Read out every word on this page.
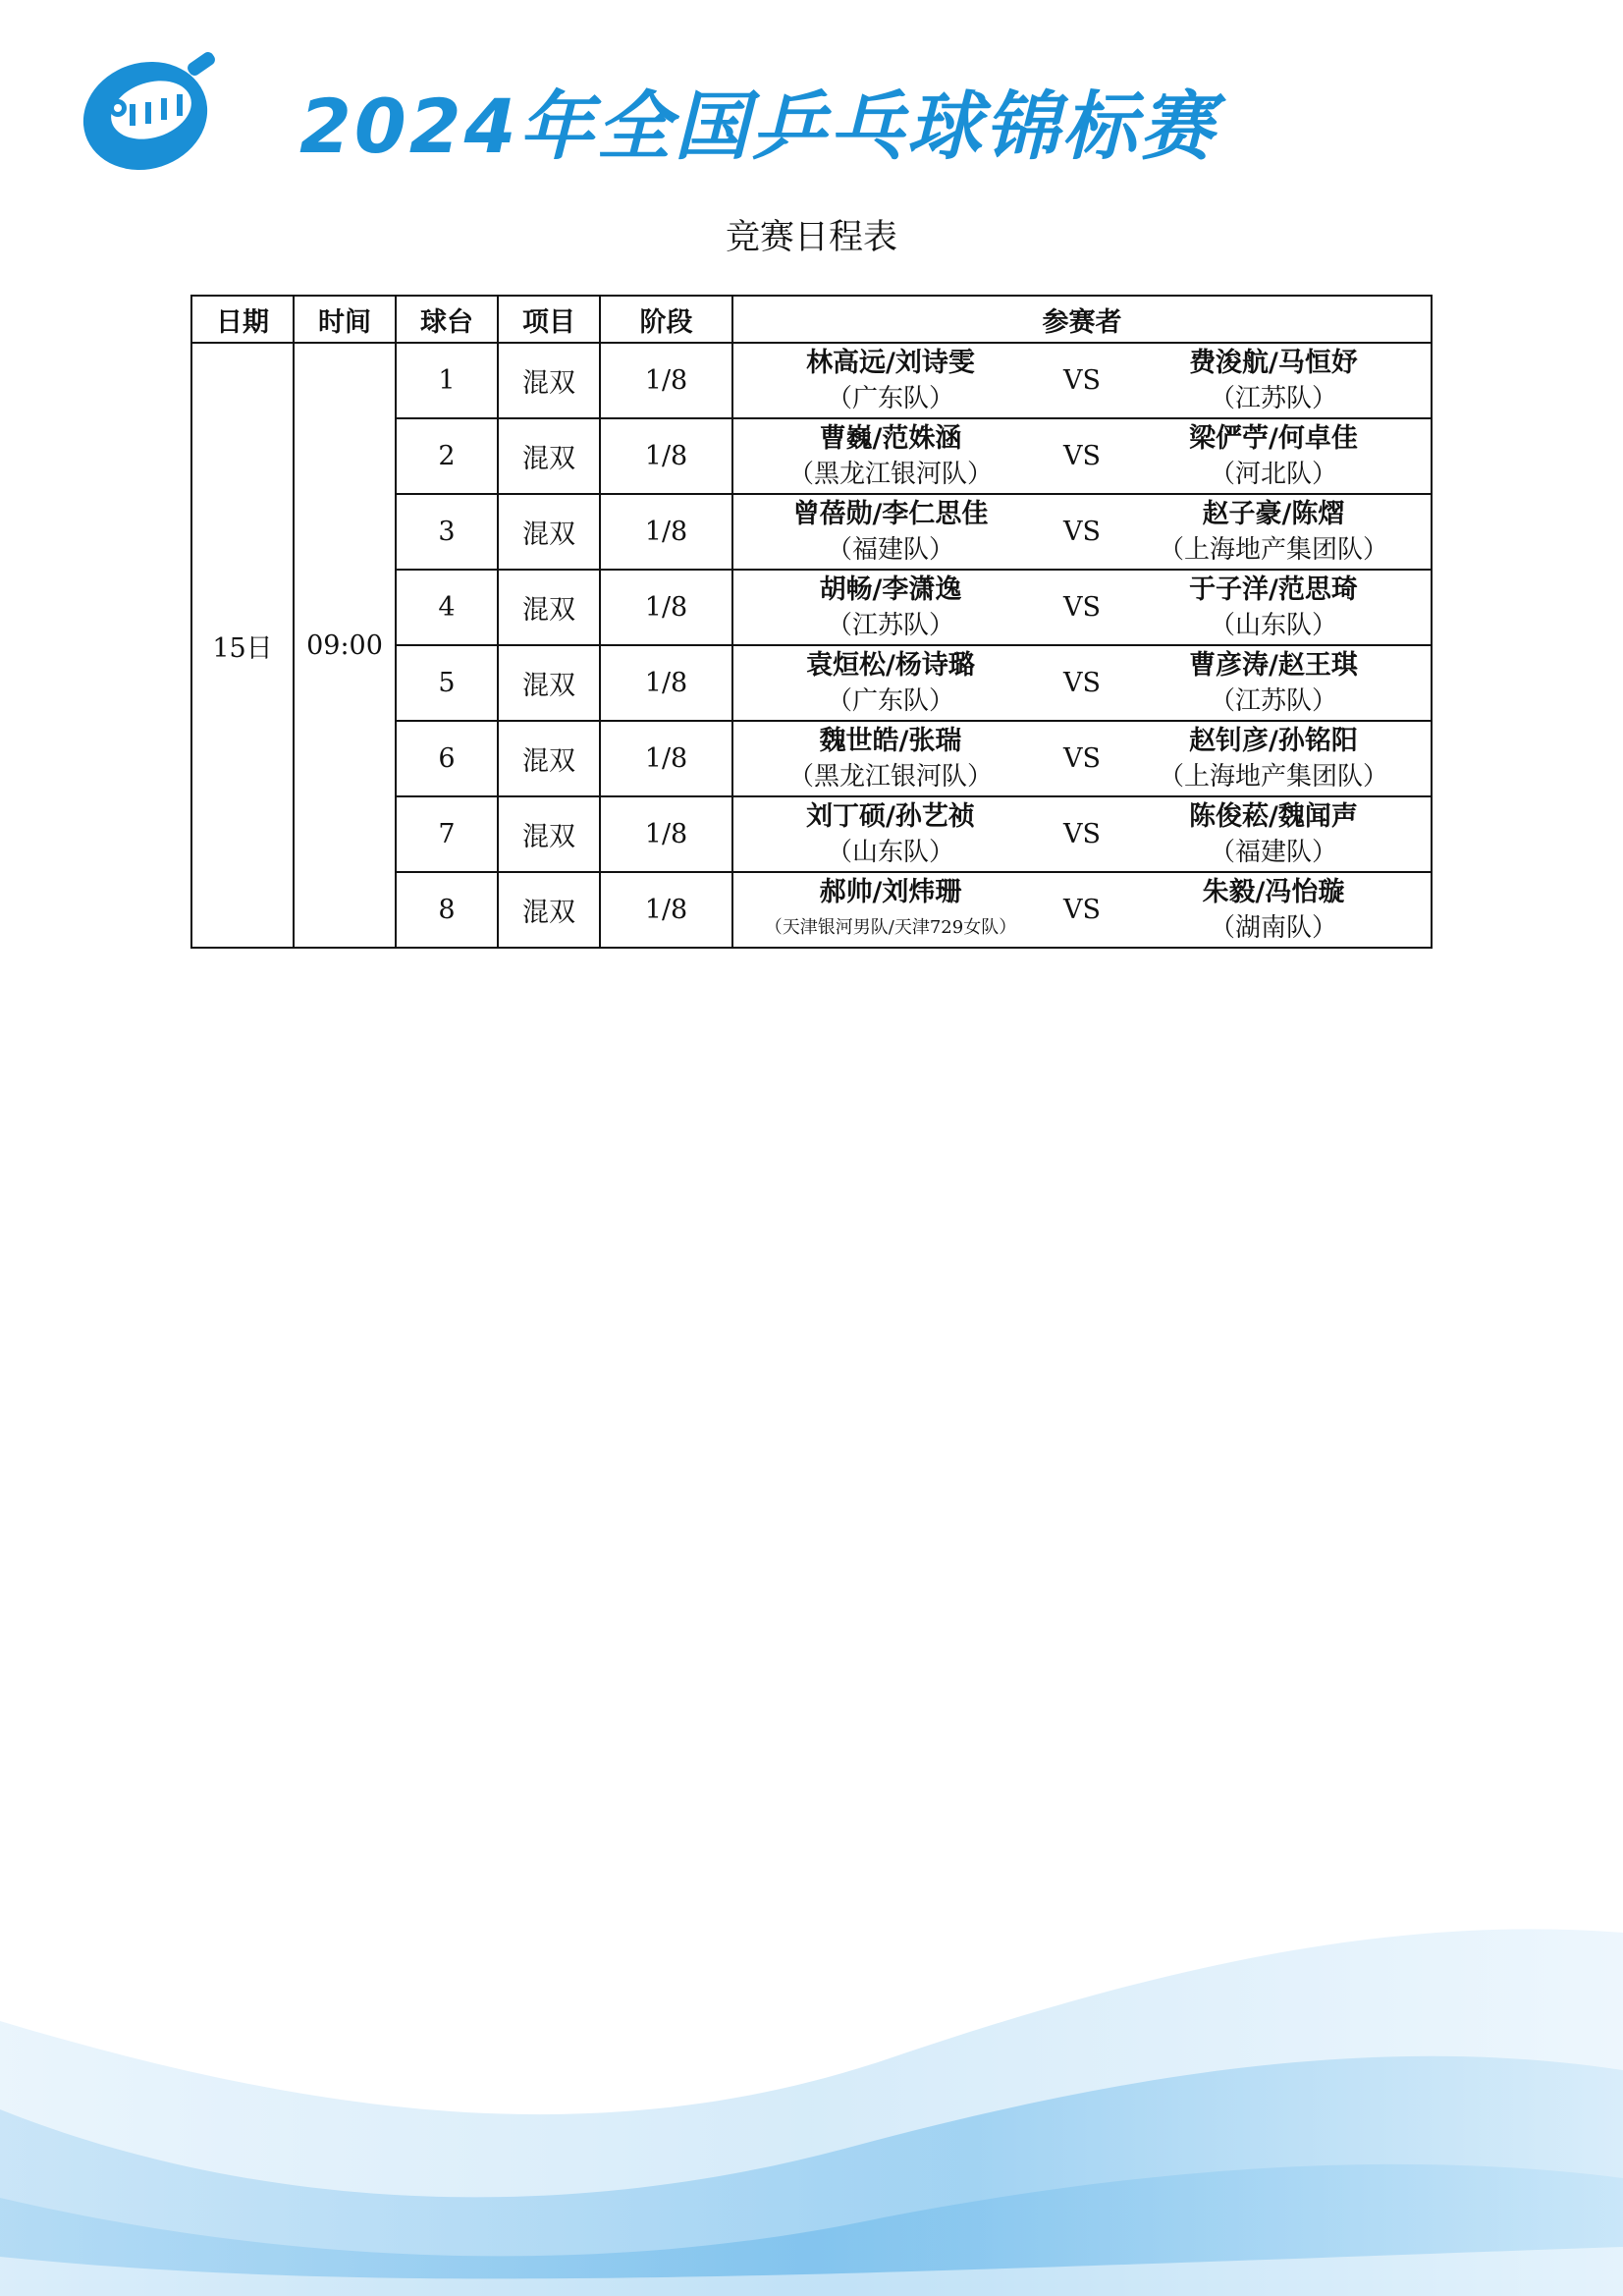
2024年全国乒乓球锦标赛
竞赛日程表
日期	时间	球台	项目	阶段	参赛者
15日	09:00	1	混双	1/8	林高远/刘诗雯
（广东队）
VS
费浚航/马恒妤
（江苏队）

		2	混双	1/8	曹巍/范姝涵
（黑龙江银河队）
VS
梁俨苧/何卓佳
（河北队）

		3	混双	1/8	曾蓓勋/李仁思佳
（福建队）
VS
赵子豪/陈熠
（上海地产集团队）

		4	混双	1/8	胡畅/李潇逸
（江苏队）
VS
于子洋/范思琦
（山东队）

		5	混双	1/8	袁烜松/杨诗璐
（广东队）
VS
曹彦涛/赵王琪
（江苏队）

		6	混双	1/8	魏世皓/张瑞
（黑龙江银河队）
VS
赵钊彦/孙铭阳
（上海地产集团队）

		7	混双	1/8	刘丁硕/孙艺祯
（山东队）
VS
陈俊菘/魏闻声
（福建队）

		8	混双	1/8	郝帅/刘炜珊
（天津银河男队/天津729女队）
VS
朱毅/冯怡璇
（湖南队）
